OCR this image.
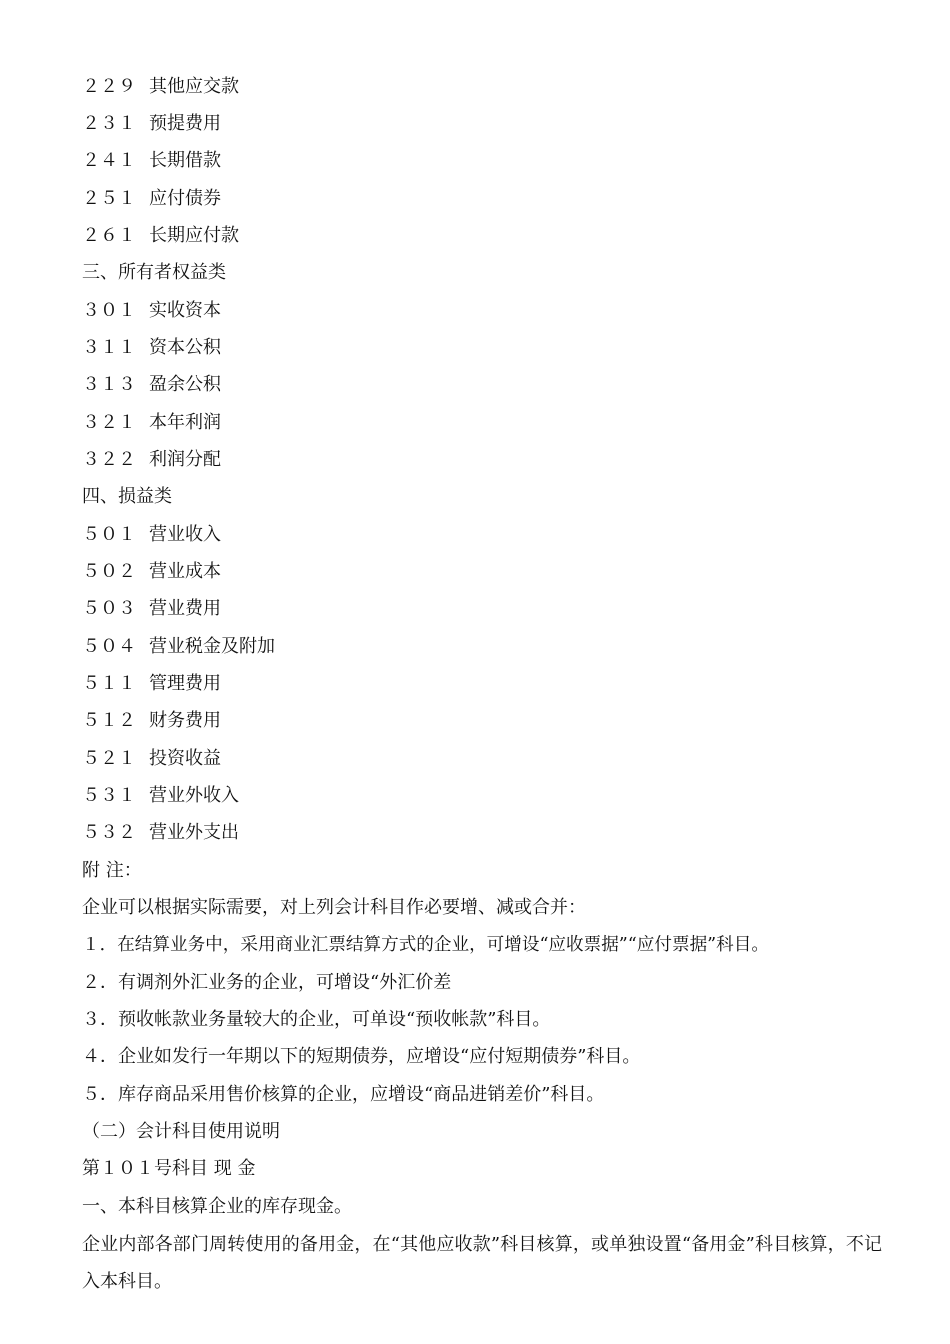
２２９ 其他应交款
２３１ 预提费用
２４１ 长期借款
２５１ 应付债券
２６１ 长期应付款
三、所有者权益类
３０１ 实收资本
３１１ 资本公积
３１３ 盈余公积
３２１ 本年利润
３２２ 利润分配
四、损益类
５０１ 营业收入
５０２ 营业成本
５０３ 营业费用
５０４ 营业税金及附加
５１１ 管理费用
５１２ 财务费用
５２１ 投资收益
５３１ 营业外收入
５３２ 营业外支出
附 注：
企业可以根据实际需要，对上列会计科目作必要增、减或合并：
１．在结算业务中，采用商业汇票结算方式的企业，可增设“应收票据”“应付票据”科目。
２．有调剂外汇业务的企业，可增设“外汇价差
３．预收帐款业务量较大的企业，可单设“预收帐款”科目。
４．企业如发行一年期以下的短期债券，应增设“应付短期债券”科目。
５．库存商品采用售价核算的企业，应增设“商品进销差价”科目。
（二）会计科目使用说明
第１０１号科目 现 金
一、本科目核算企业的库存现金。
企业内部各部门周转使用的备用金，在“其他应收款”科目核算，或单独设置“备用金”科目核算，不记入本科目。
